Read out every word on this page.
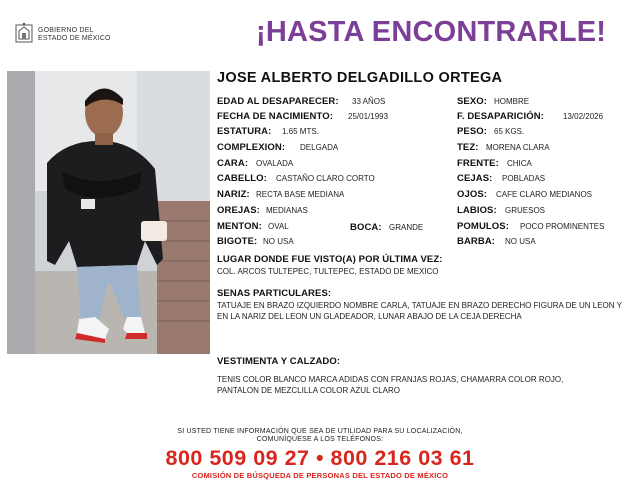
GOBIERNO DEL
ESTADO DE MÉXICO	¡HASTA ENCONTRARLE!
JOSE ALBERTO DELGADILLO ORTEGA
EDAD AL DESAPARECER: 33 AÑOS
FECHA DE NACIMIENTO: 25/01/1993
ESTATURA: 1.65 MTS.
COMPLEXION: DELGADA
CARA: OVALADA
CABELLO: CASTAÑO CLARO CORTO
NARIZ: RECTA BASE MEDIANA
OREJAS: MEDIANAS
MENTON: OVAL	BOCA: GRANDE
BIGOTE: NO USA
SEXO: HOMBRE
F. DESAPARICIÓN: 13/02/2026
PESO: 65 KGS.
TEZ: MORENA CLARA
FRENTE: CHICA
CEJAS: POBLADAS
OJOS: CAFE CLARO MEDIANOS
LABIOS: GRUESOS
POMULOS: POCO PROMINENTES
BARBA: NO USA
LUGAR DONDE FUE VISTO(A) POR ÚLTIMA VEZ:
COL. ARCOS TULTEPEC, TULTEPEC, ESTADO DE MEXICO
SENAS PARTICULARES:
TATUAJE EN BRAZO IZQUIERDO NOMBRE CARLA, TATUAJE EN BRAZO DERECHO FIGURA DE UN LEON Y EN LA NARIZ DEL LEON UN GLADEADOR, LUNAR ABAJO DE LA CEJA DERECHA
VESTIMENTA Y CALZADO:
TENIS COLOR BLANCO MARCA ADIDAS CON FRANJAS ROJAS, CHAMARRA COLOR ROJO, PANTALON DE MEZCLILLA COLOR AZUL CLARO
SI USTED TIENE INFORMACIÓN QUE SEA DE UTILIDAD PARA SU LOCALIZACIÓN,
COMUNÍQUESE A LOS TELÉFONOS:
800 509 09 27 • 800 216 03 61
COMISIÓN DE BÚSQUEDA DE PERSONAS DEL ESTADO DE MÉXICO
